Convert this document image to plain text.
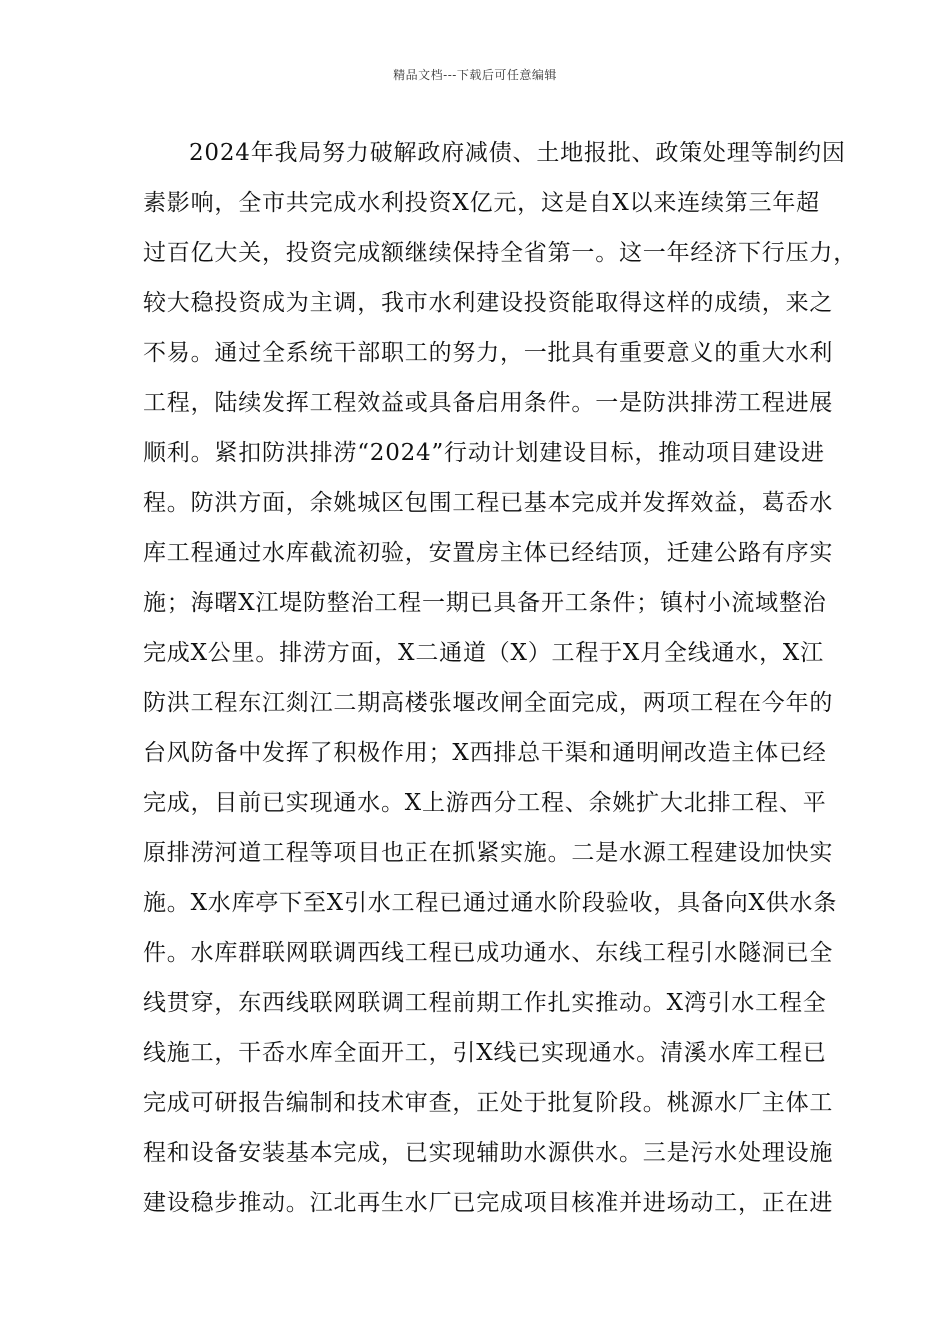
精品文档---下载后可任意编辑
2024年我局努力破解政府减债、土地报批、政策处理等制约因
素影响，全市共完成水利投资X亿元，这是自X以来连续第三年超
过百亿大关，投资完成额继续保持全省第一。这一年经济下行压力，
较大稳投资成为主调，我市水利建设投资能取得这样的成绩，来之
不易。通过全系统干部职工的努力，一批具有重要意义的重大水利
工程，陆续发挥工程效益或具备启用条件。一是防洪排涝工程进展
顺利。紧扣防洪排涝“2024”行动计划建设目标，推动项目建设进
程。防洪方面，余姚城区包围工程已基本完成并发挥效益，葛岙水
库工程通过水库截流初验，安置房主体已经结顶，迁建公路有序实
施；海曙X江堤防整治工程一期已具备开工条件；镇村小流域整治
完成X公里。排涝方面，X二通道（X）工程于X月全线通水，X江
防洪工程东江剡江二期高楼张堰改闸全面完成，两项工程在今年的
台风防备中发挥了积极作用；X西排总干渠和通明闸改造主体已经
完成，目前已实现通水。X上游西分工程、余姚扩大北排工程、平
原排涝河道工程等项目也正在抓紧实施。二是水源工程建设加快实
施。X水库亭下至X引水工程已通过通水阶段验收，具备向X供水条
件。水库群联网联调西线工程已成功通水、东线工程引水隧洞已全
线贯穿，东西线联网联调工程前期工作扎实推动。X湾引水工程全
线施工，干岙水库全面开工，引X线已实现通水。清溪水库工程已
完成可研报告编制和技术审查，正处于批复阶段。桃源水厂主体工
程和设备安装基本完成，已实现辅助水源供水。三是污水处理设施
建设稳步推动。江北再生水厂已完成项目核准并进场动工，正在进
